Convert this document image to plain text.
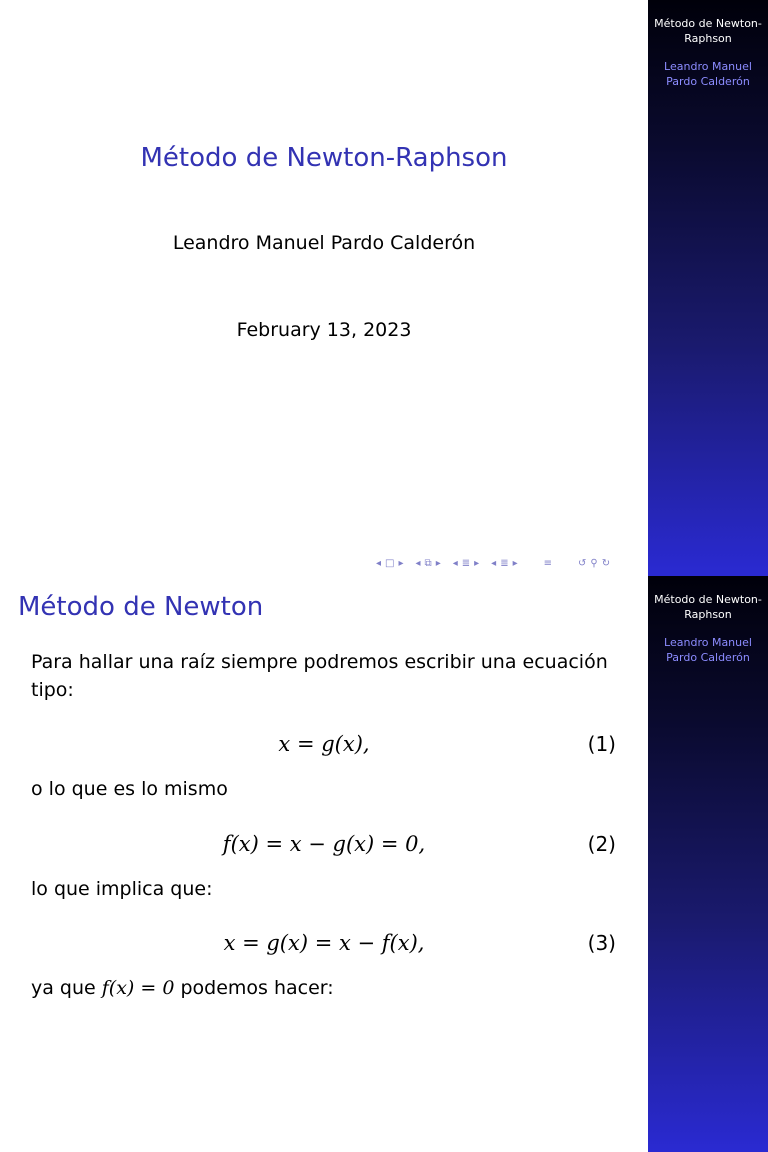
Método de Newton-Raphson
Leandro Manuel Pardo Calderón
February 13, 2023
◂ □ ▸ ◂ ⧉ ▸ ◂ ≣ ▸ ◂ ≣ ▸	≡	↺ ⚲ ↻
Método de Newton-Raphson
Leandro Manuel Pardo Calderón
Método de Newton
Para hallar una raíz siempre podremos escribir una ecuación tipo:
x = g(x),	(1)
o lo que es lo mismo
f(x) = x − g(x) = 0,	(2)
lo que implica que:
x = g(x) = x − f(x),	(3)
ya que f(x) = 0 podemos hacer:
Método de Newton-Raphson
Leandro Manuel Pardo Calderón
